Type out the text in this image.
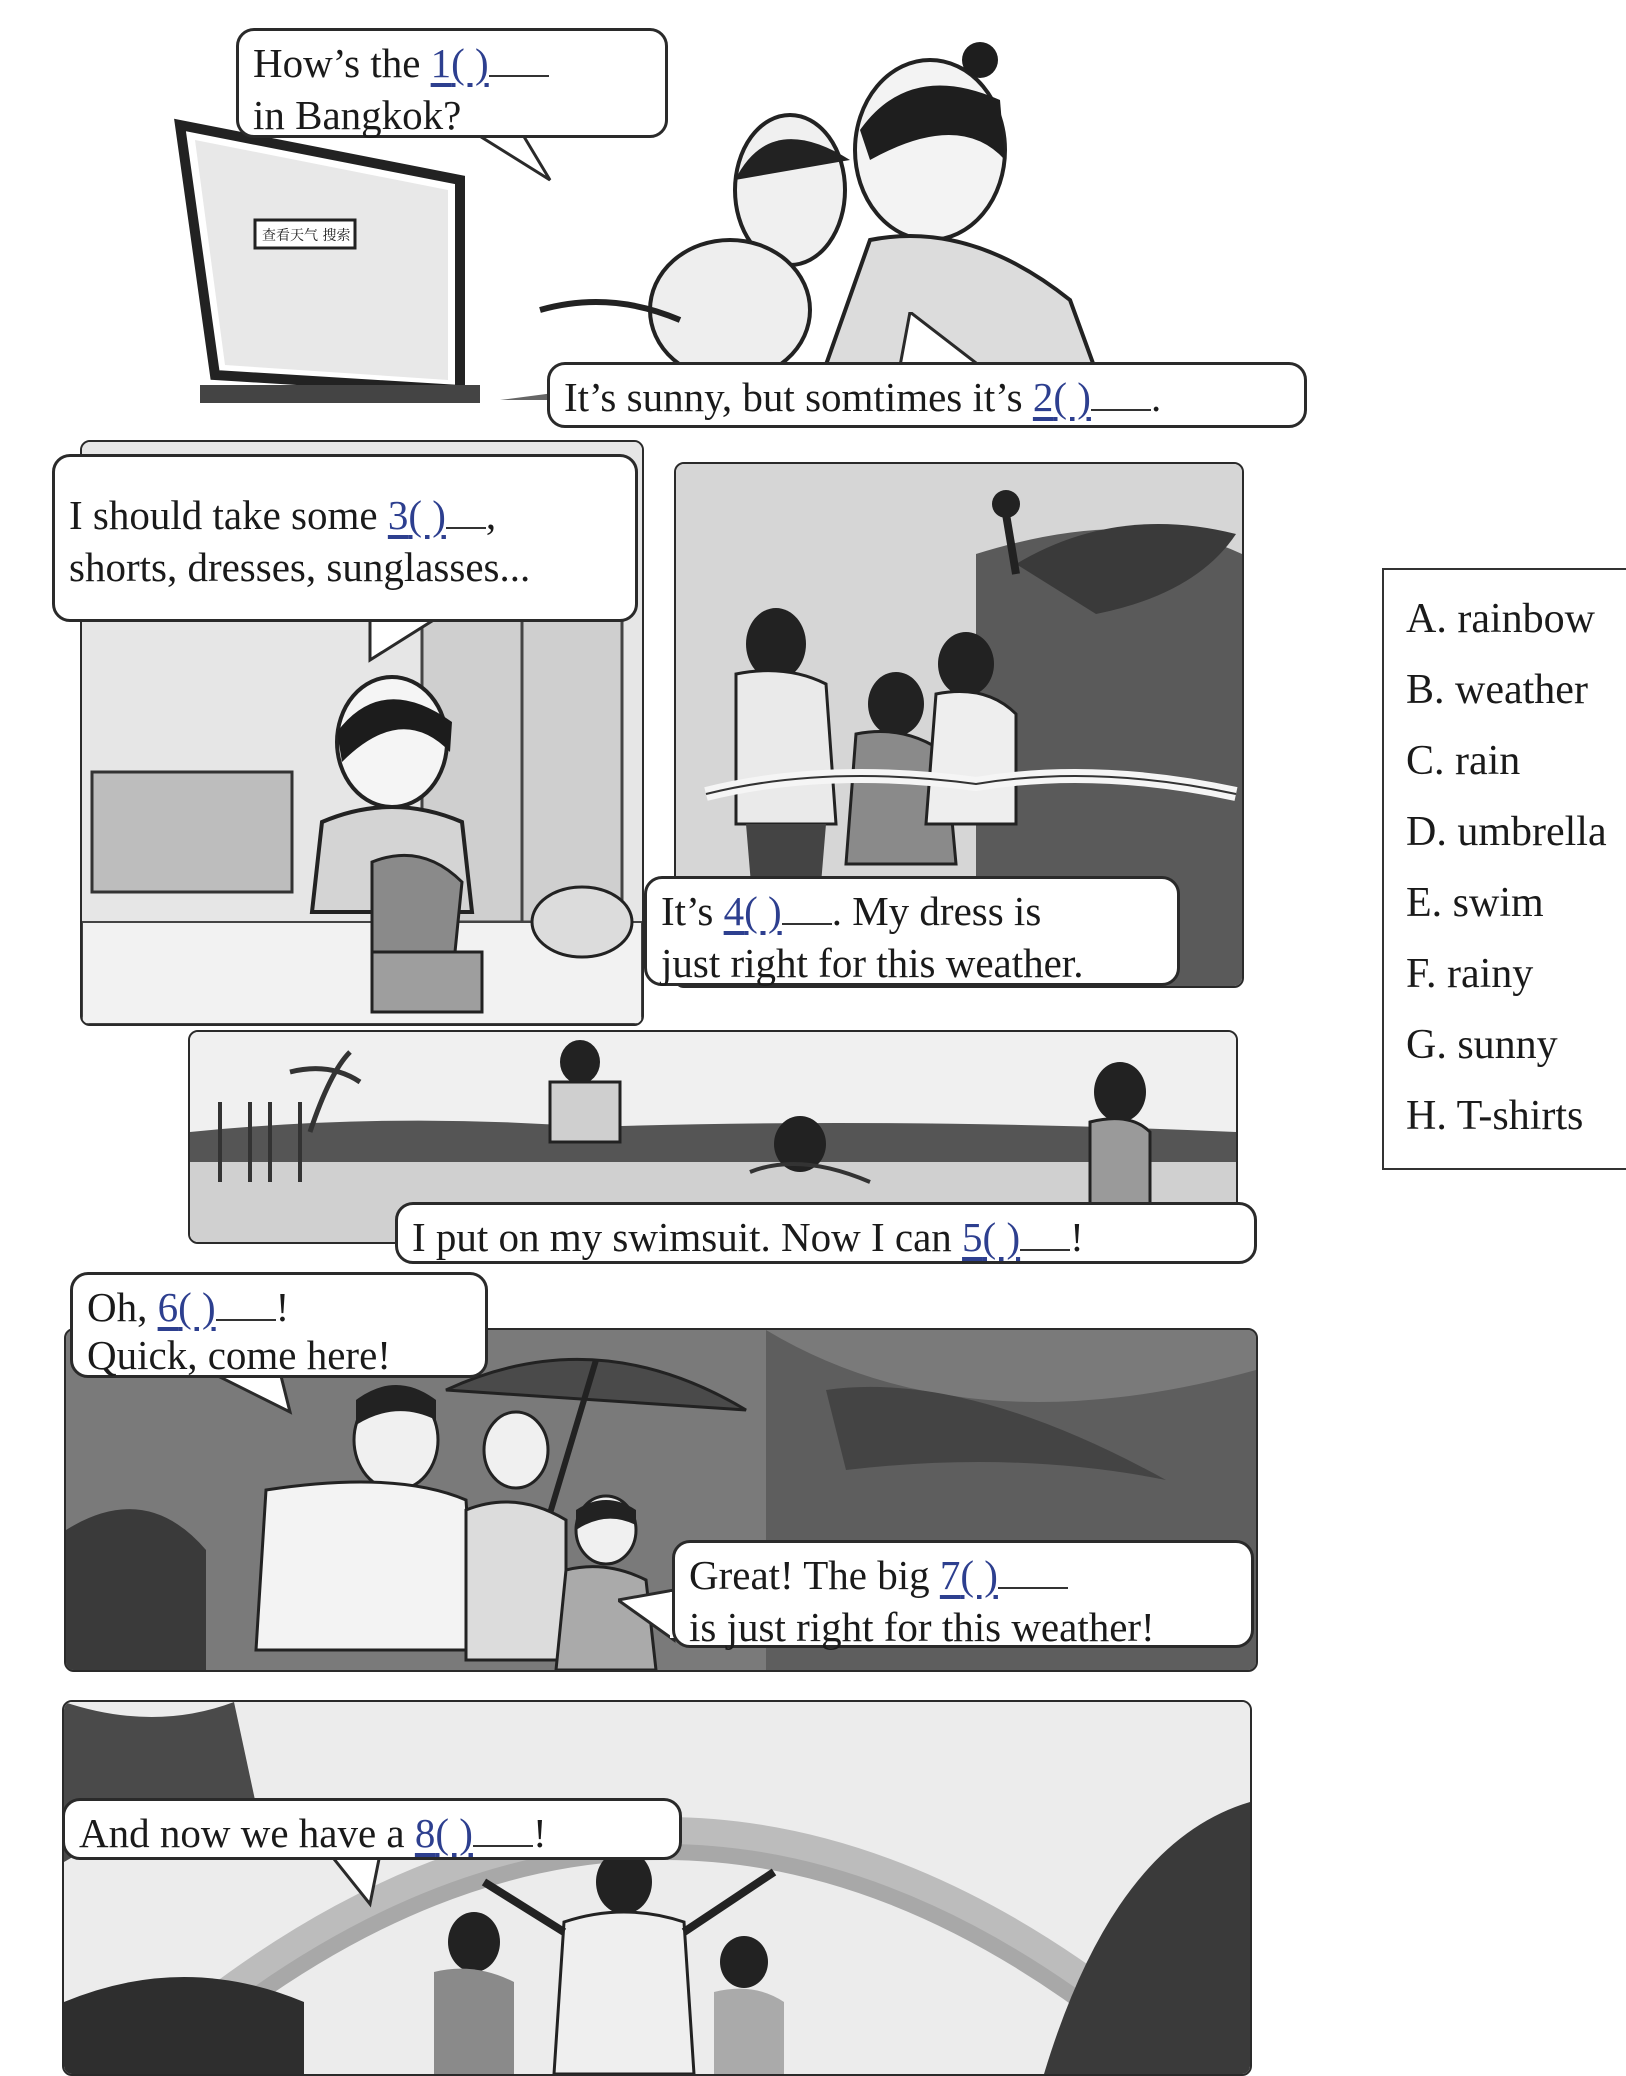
查看天气 搜索
How’s the 1( )
in Bangkok?
It’s sunny, but somtimes it’s 2( ) .
I should take some 3( ) ,
shorts, dresses, sunglasses...
It’s 4( ) . My dress is
just right for this weather.
I put on my swimsuit. Now I can 5( ) !
Oh, 6( ) !
Quick, come here!
Great! The big 7( )
is just right for this weather!
And now we have a 8( ) !
A. rainbow
B. weather
C. rain
D. umbrella
E. swim
F. rainy
G. sunny
H. T-shirts
